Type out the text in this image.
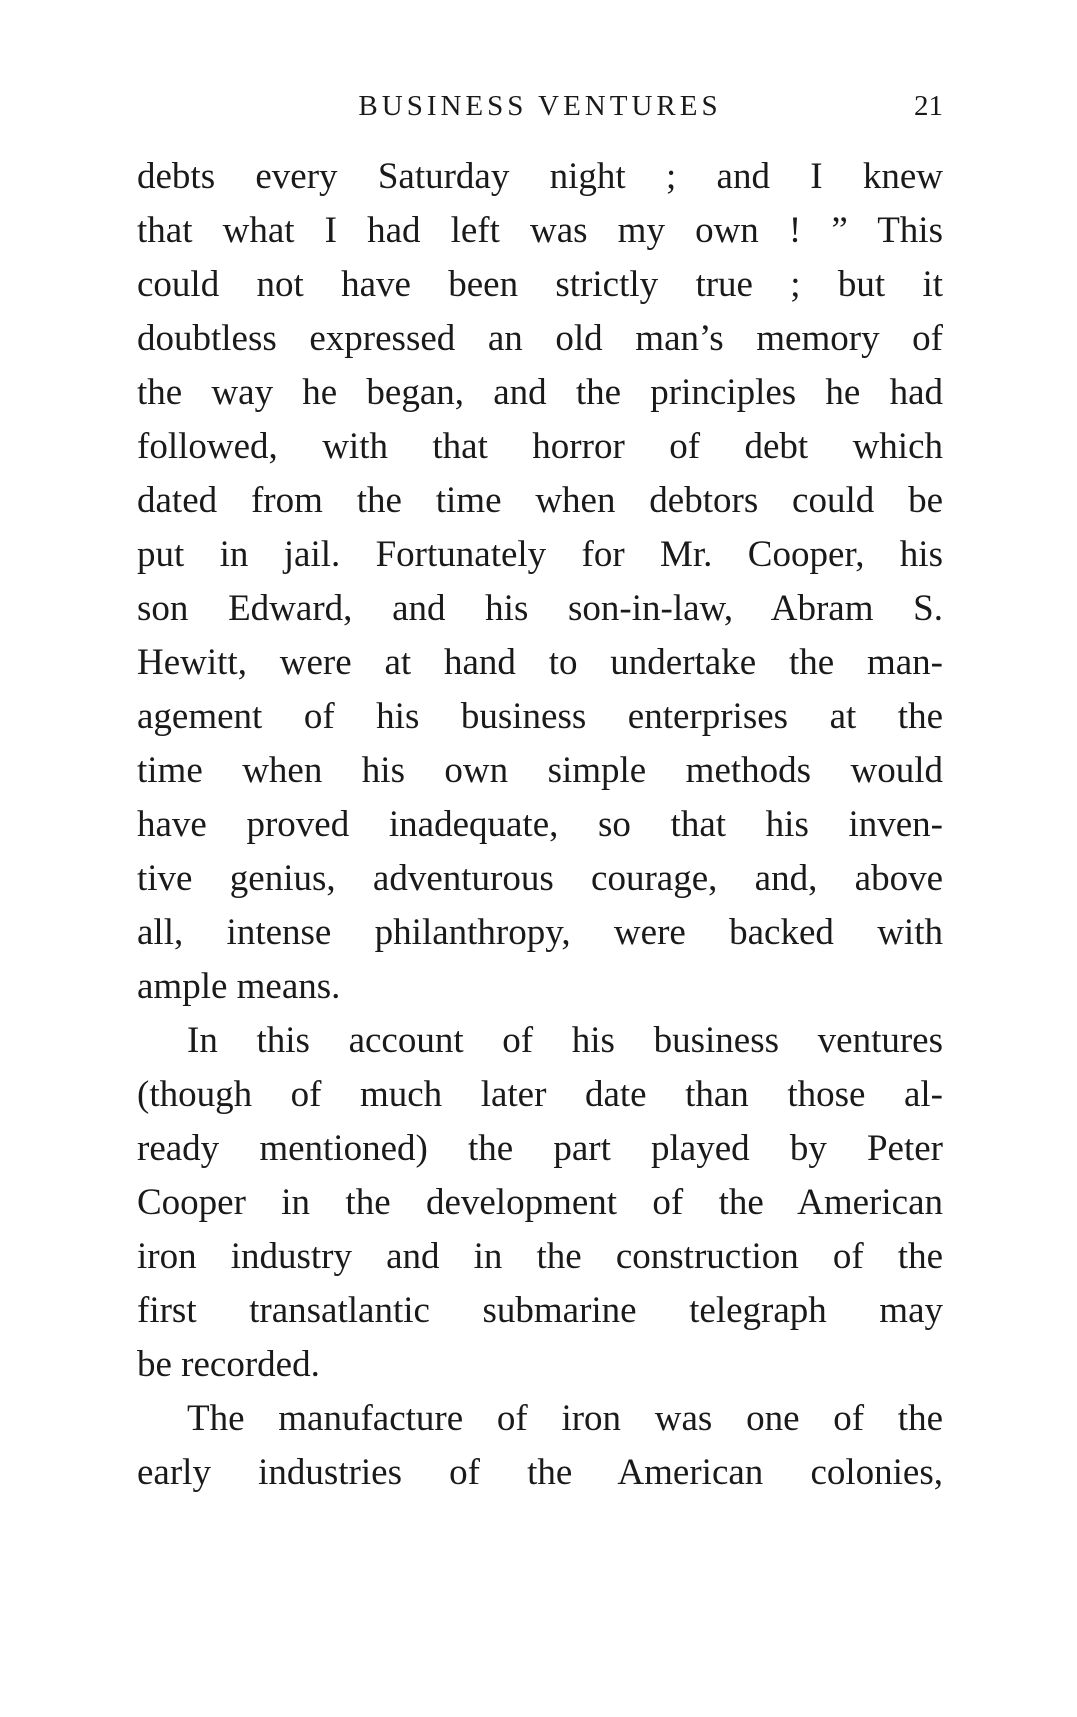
BUSINESS VENTURES	21
debts every Saturday night ; and I knew
that what I had left was my own ! ” This
could not have been strictly true ; but it
doubtless expressed an old man’s memory of
the way he began, and the principles he had
followed, with that horror of debt which
dated from the time when debtors could be
put in jail. Fortunately for Mr. Cooper, his
son Edward, and his son-in-law, Abram S.
Hewitt, were at hand to undertake the man-
agement of his business enterprises at the
time when his own simple methods would
have proved inadequate, so that his inven-
tive genius, adventurous courage, and, above
all, intense philanthropy, were backed with
ample means.
In this account of his business ventures
(though of much later date than those al-
ready mentioned) the part played by Peter
Cooper in the development of the American
iron industry and in the construction of the
first transatlantic submarine telegraph may
be recorded.
The manufacture of iron was one of the
early industries of the American colonies,
